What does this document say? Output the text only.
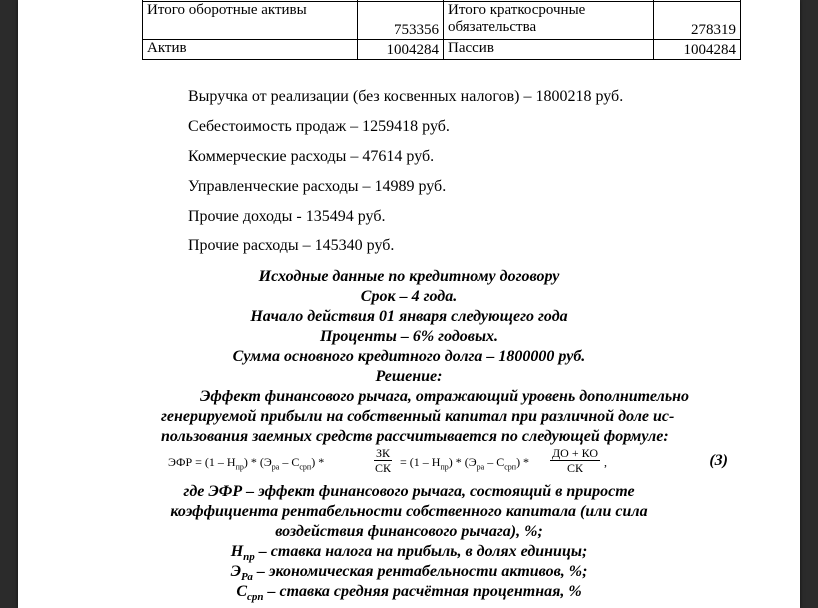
Итого оборотные активы	753356	Итого краткосрочные обязательства	278319
Актив	1004284	Пассив	1004284

Выручка от реализации (без косвенных налогов) – 1800218 руб.

Себестоимость продаж – 1259418 руб.

Коммерческие расходы – 47614 руб.

Управленческие расходы – 14989 руб.

Прочие доходы - 135494 руб.

Прочие расходы – 145340 руб.

Исходные данные по кредитному договору

Срок – 4 года.

Начало действия 01 января следующего года

Проценты – 6% годовых.

Сумма основного кредитного долга – 1800000 руб.

Решение:

Эффект финансового рычага, отражающий уровень дополнительно

генерируемой прибыли на собственный капитал при различной доле ис-

пользования заемных средств рассчитывается по следующей формуле:

ЭФР = $(1 - Н_{пр}) * (Э_{ра} - С_{срп})$ *
ЗК
СК = $(1 - Н_{пр}) * (Э_{ра} - С_{срп})$ *
ДО + КО
СК	,	(3)

где ЭФР – эффект финансового рычага, состоящий в приросте

коэффициента рентабельности собственного капитала (или сила

воздействия финансового рычага), %;

$Н_{пр}$ – ставка налога на прибыль, в долях единицы;

$Э_{Ра}$ – экономическая рентабельности активов, %;

$С_{срп}$ – ставка средняя расчётная процентная, %
